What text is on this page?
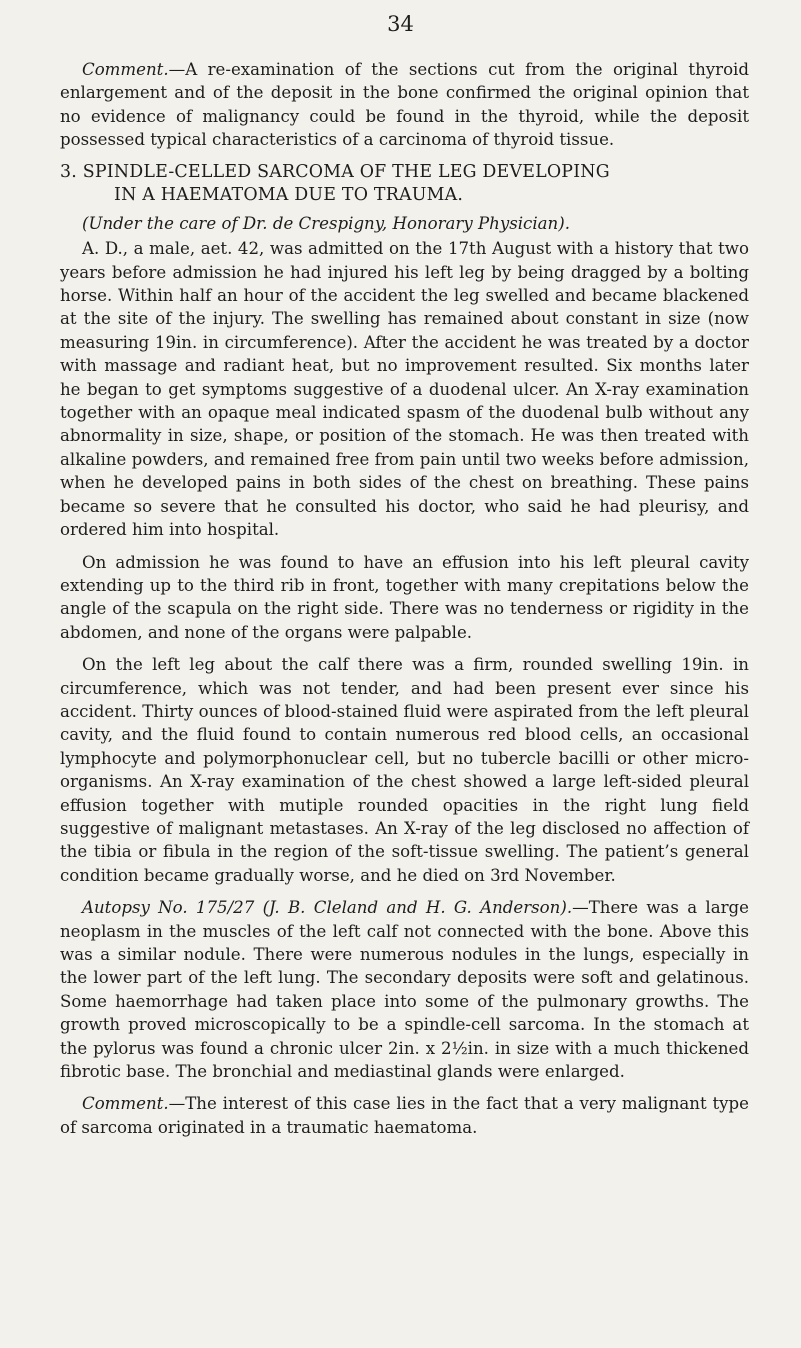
34

Comment.—A re-examination of the sections cut from the original thyroid enlargement and of the deposit in the bone confirmed the original opinion that no evidence of malignancy could be found in the thyroid, while the deposit possessed typical characteristics of a carcinoma of thyroid tissue.

3. SPINDLE-CELLED SARCOMA OF THE LEG DEVELOPING
IN A HAEMATOMA DUE TO TRAUMA.
(Under the care of Dr. de Crespigny, Honorary Physician).

A. D., a male, aet. 42, was admitted on the 17th August with a history that two years before admission he had injured his left leg by being dragged by a bolting horse. Within half an hour of the accident the leg swelled and became blackened at the site of the injury. The swelling has remained about constant in size (now measuring 19in. in circumference). After the accident he was treated by a doctor with massage and radiant heat, but no improvement resulted. Six months later he began to get symptoms suggestive of a duodenal ulcer. An X-ray examination together with an opaque meal indicated spasm of the duodenal bulb without any abnormality in size, shape, or position of the stomach. He was then treated with alkaline powders, and remained free from pain until two weeks before admission, when he developed pains in both sides of the chest on breathing. These pains became so severe that he consulted his doctor, who said he had pleurisy, and ordered him into hospital.

On admission he was found to have an effusion into his left pleural cavity extending up to the third rib in front, together with many crepitations below the angle of the scapula on the right side. There was no tenderness or rigidity in the abdomen, and none of the organs were palpable.

On the left leg about the calf there was a firm, rounded swelling 19in. in circumference, which was not tender, and had been present ever since his accident. Thirty ounces of blood-stained fluid were aspirated from the left pleural cavity, and the fluid found to contain numerous red blood cells, an occasional lymphocyte and polymorphonuclear cell, but no tubercle bacilli or other micro-organisms. An X-ray examination of the chest showed a large left-sided pleural effusion together with mutiple rounded opacities in the right lung field suggestive of malignant metastases. An X-ray of the leg disclosed no affection of the tibia or fibula in the region of the soft-tissue swelling. The patient’s general condition became gradually worse, and he died on 3rd November.

Autopsy No. 175/27 (J. B. Cleland and H. G. Anderson).—There was a large neoplasm in the muscles of the left calf not connected with the bone. Above this was a similar nodule. There were numerous nodules in the lungs, especially in the lower part of the left lung. The secondary deposits were soft and gelatinous. Some haemorrhage had taken place into some of the pulmonary growths. The growth proved microscopically to be a spindle-cell sarcoma. In the stomach at the pylorus was found a chronic ulcer 2in. x 2½in. in size with a much thickened fibrotic base. The bronchial and mediastinal glands were enlarged.

Comment.—The interest of this case lies in the fact that a very malignant type of sarcoma originated in a traumatic haematoma.
